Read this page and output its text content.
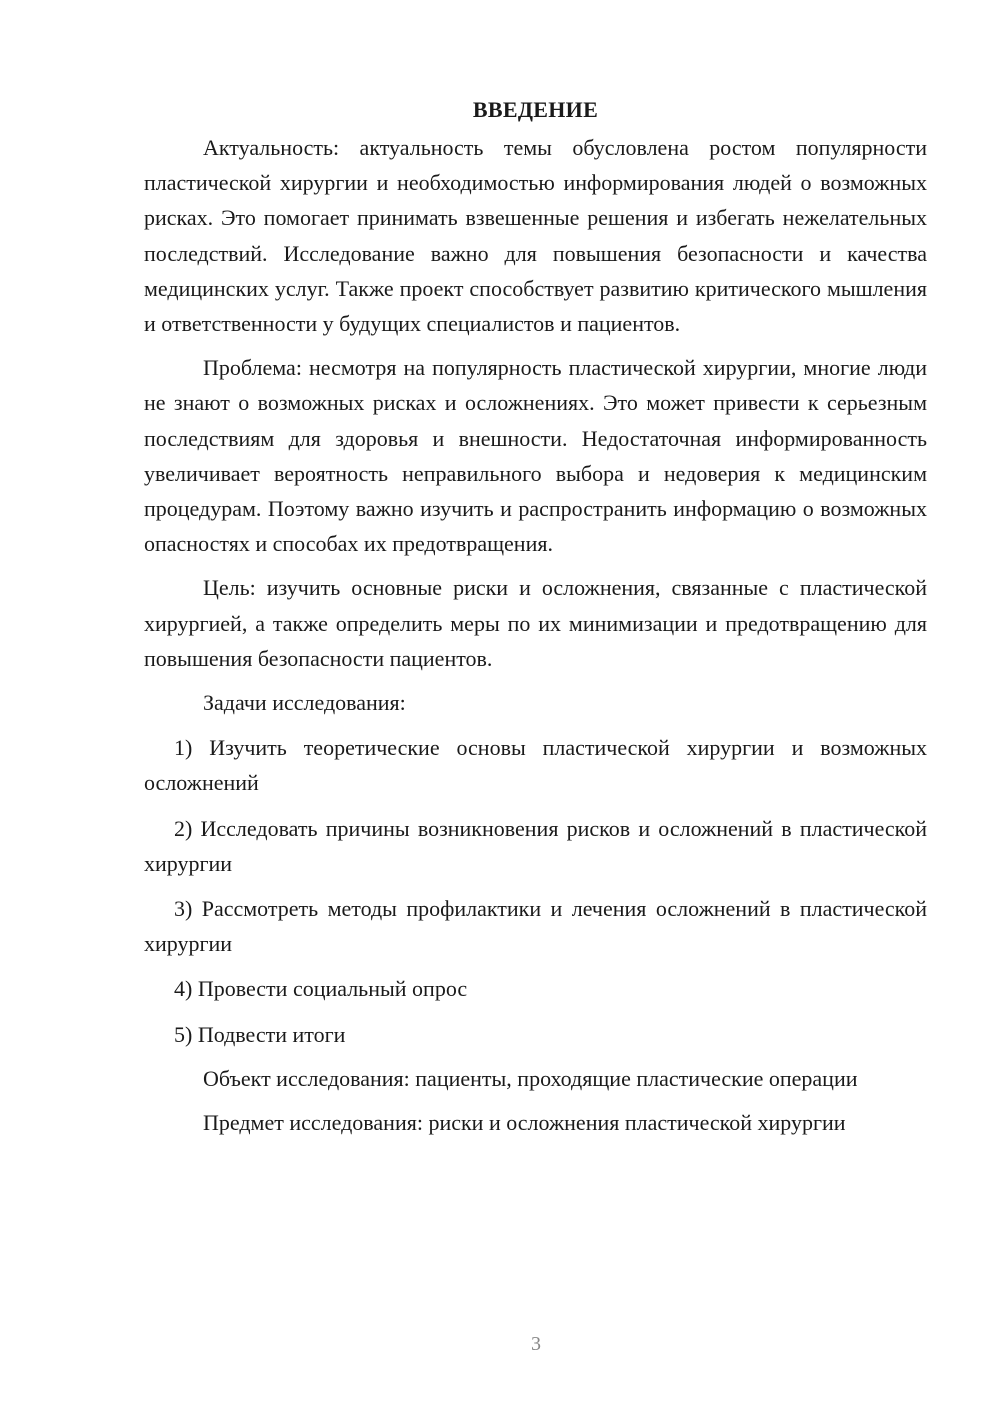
ВВЕДЕНИЕ

Актуальность: актуальность темы обусловлена ростом популярности пластической хирургии и необходимостью информирования людей о возможных рисках. Это помогает принимать взвешенные решения и избегать нежелательных последствий. Исследование важно для повышения безопасности и качества медицинских услуг. Также проект способствует развитию критического мышления и ответственности у будущих специалистов и пациентов.

Проблема: несмотря на популярность пластической хирургии, многие люди не знают о возможных рисках и осложнениях. Это может привести к серьезным последствиям для здоровья и внешности. Недостаточная информированность увеличивает вероятность неправильного выбора и недоверия к медицинским процедурам. Поэтому важно изучить и распространить информацию о возможных опасностях и способах их предотвращения.

Цель: изучить основные риски и осложнения, связанные с пластической хирургией, а также определить меры по их минимизации и предотвращению для повышения безопасности пациентов.

Задачи исследования:

1) Изучить теоретические основы пластической хирургии и возможных осложнений
2) Исследовать причины возникновения рисков и осложнений в пластической хирургии
3) Рассмотреть методы профилактики и лечения осложнений в пластической хирургии
4) Провести социальный опрос
5) Подвести итоги

Объект исследования: пациенты, проходящие пластические операции

Предмет исследования: риски и осложнения пластической хирургии

3
